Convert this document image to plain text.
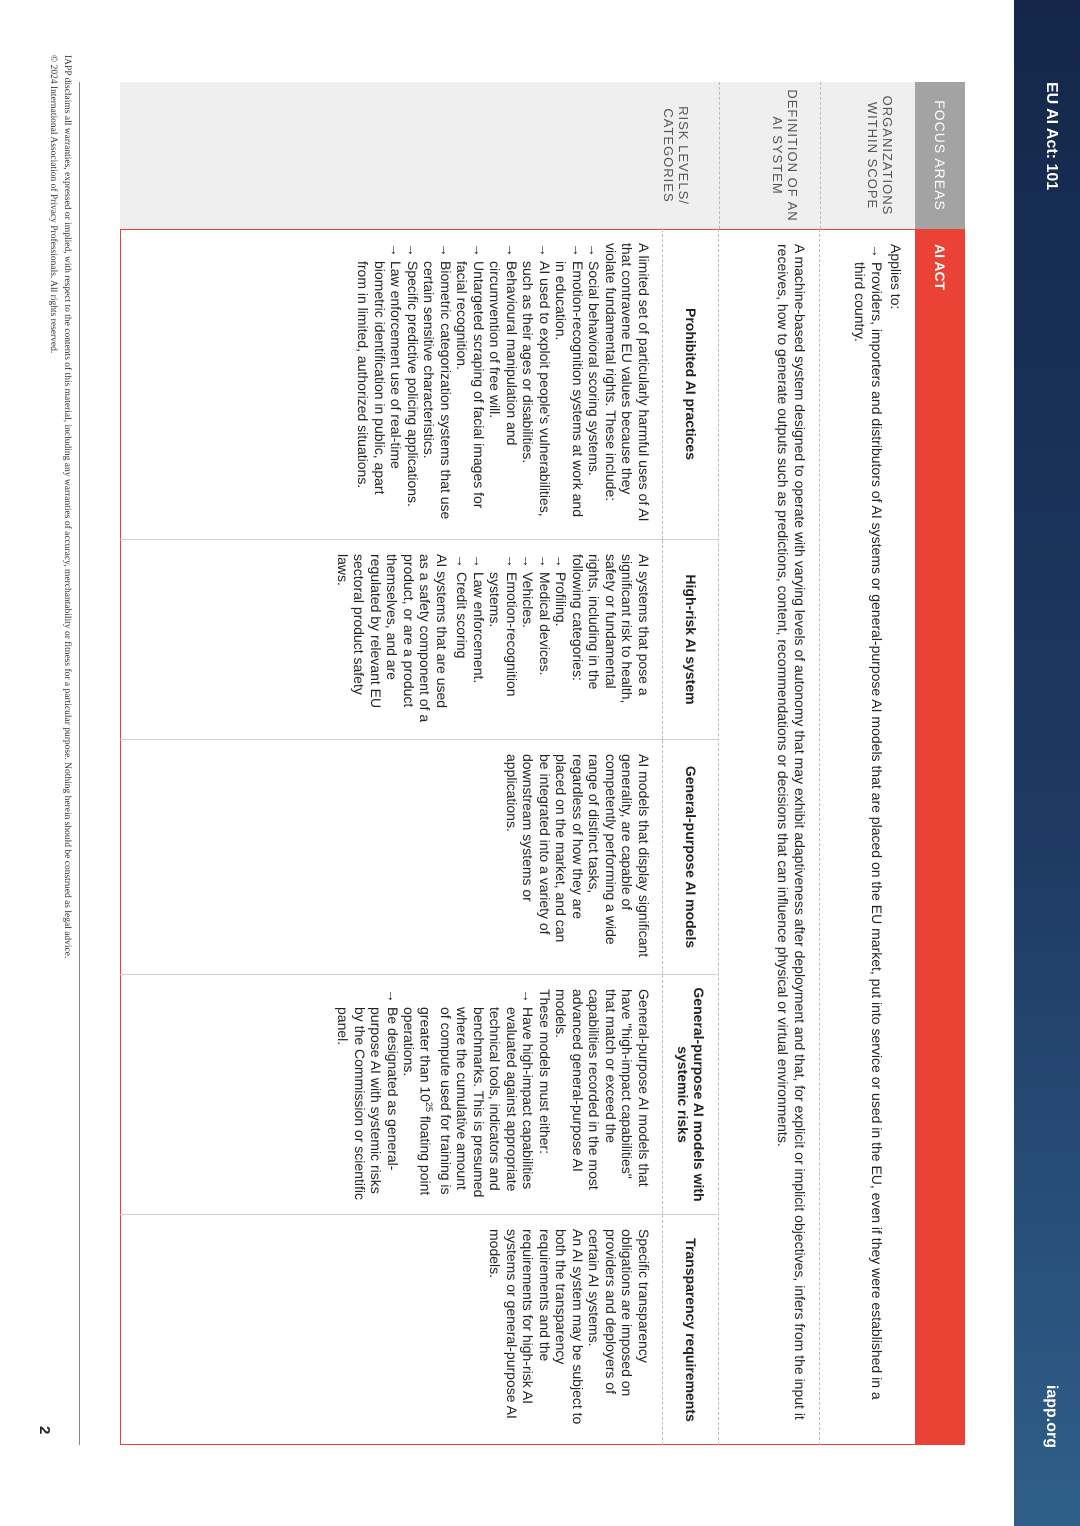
EU AI Act: 101
iapp.org
FOCUS AREAS
AI ACT
ORGANIZATIONS WITHIN SCOPE
DEFINITION OF AN AI SYSTEM
RISK LEVELS/ CATEGORIES
Applies to:
→
Providers, importers and distributors of AI systems or general-purpose AI models that are placed on the EU market, put into service or used in the EU, even if they were established in a third country.
A machine-based system designed to operate with varying levels of autonomy that may exhibit adaptiveness after deployment and that, for explicit or implicit objectives, infers from the input it receives, how to generate outputs such as predictions, content, recommendations or decisions that can influence physical or virtual environments.
Prohibited AI practices

A limited set of particularly harmful uses of AI that contravene EU values because they violate fundamental rights. These include:

→
Social behavioral scoring systems.
→
Emotion-recognition systems at work and in education.
→
AI used to exploit people's vulnerabilities, such as their ages or disabilities.
→
Behavioural manipulation and circumvention of free will.
→
Untargeted scraping of facial images for facial recognition.
→
Biometric categorization systems that use certain sensitive characteristics.
→
Specific predictive policing applications.
→
Law enforcement use of real-time biometric identification in public, apart from in limited, authorized situations.
High-risk AI system

AI systems that pose a significant risk to health, safety or fundamental rights, including in the following categories:

→
Profiling.
→
Medical devices.
→
Vehicles.
→
Emotion-recognition systems.
→
Law enforcement.
→
Credit scoring

AI systems that are used as a safety component of a product, or are a product themselves, and are regulated by relevant EU sectoral product safety laws.

General-purpose AI models

AI models that display significant generality, are capable of competently performing a wide range of distinct tasks, regardless of how they are placed on the market, and can be integrated into a variety of downstream systems or applications.

General-purpose AI models with systemic risks

General-purpose AI models that have "high-impact capabilities" that match or exceed the capabilities recorded in the most advanced general-purpose AI models.

These models must either:

→
Have high-impact capabilities evaluated against appropriate technical tools, indicators and benchmarks. This is presumed where the cumulative amount of compute used for training is greater than $10^{25}$ floating point operations.
→
Be designated as general-purpose AI with systemic risks by the Commission or scientific panel.
Transparency requirements

Specific transparency obligations are imposed on providers and deployers of certain AI systems.

An AI system may be subject to both the transparency requirements and the requirements for high-risk AI systems or general-purpose AI models.

2
IAPP disclaims all warranties, expressed or implied, with respect to the contents of this material, including any warranties of accuracy, merchantability or fitness for a particular purpose. Nothing herein should be construed as legal advice.
© 2024 International Association of Privacy Professionals. All rights reserved.
